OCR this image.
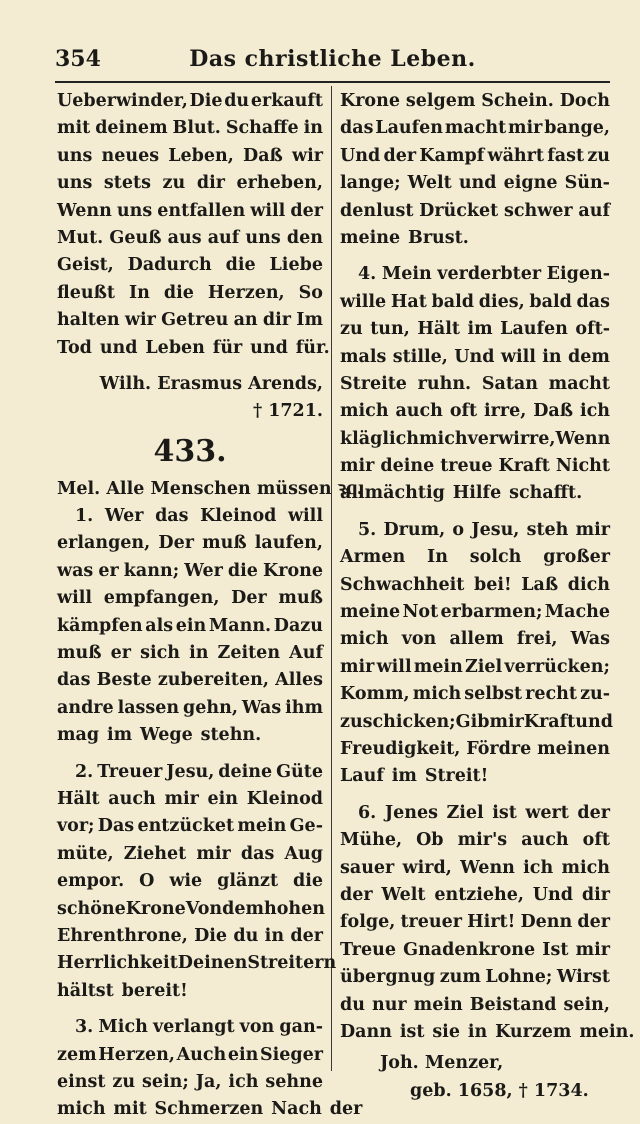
354	Das christliche Leben.
Ueberwinder, Die du erkauft
mit deinem Blut. Schaffe in
uns neues Leben, Daß wir
uns stets zu dir erheben,
Wenn uns entfallen will der
Mut. Geuß aus auf uns den
Geist, Dadurch die Liebe
fleußt In die Herzen, So
halten wir Getreu an dir Im
Tod und Leben für und für.
Wilh. Erasmus Arends,
† 1721.
433.
Mel. Alle Menschen müssen ꝛc.
1. Wer das Kleinod will
erlangen, Der muß laufen,
was er kann; Wer die Krone
will empfangen, Der muß
kämpfen als ein Mann. Dazu
muß er sich in Zeiten Auf
das Beste zubereiten, Alles
andre lassen gehn, Was ihm
mag im Wege stehn.
2. Treuer Jesu, deine Güte
Hält auch mir ein Kleinod
vor; Das entzücket mein Ge-
müte, Ziehet mir das Aug
empor. O wie glänzt die
schöne Krone Von dem hohen
Ehrenthrone, Die du in der
Herrlichkeit Deinen Streitern
hältst bereit!
3. Mich verlangt von gan-
zem Herzen, Auch ein Sieger
einst zu sein; Ja, ich sehne
mich mit Schmerzen Nach der
Krone selgem Schein. Doch
das Laufen macht mir bange,
Und der Kampf währt fast zu
lange; Welt und eigne Sün-
denlust Drücket schwer auf
meine Brust.
4. Mein verderbter Eigen-
wille Hat bald dies, bald das
zu tun, Hält im Laufen oft-
mals stille, Und will in dem
Streite ruhn. Satan macht
mich auch oft irre, Daß ich
kläglich mich verwirre, Wenn
mir deine treue Kraft Nicht
allmächtig Hilfe schafft.
5. Drum, o Jesu, steh mir
Armen In solch großer
Schwachheit bei! Laß dich
meine Not erbarmen; Mache
mich von allem frei, Was
mir will mein Ziel verrücken;
Komm, mich selbst recht zu-
zuschicken; Gib mir Kraft und
Freudigkeit, Fördre meinen
Lauf im Streit!
6. Jenes Ziel ist wert der
Mühe, Ob mir's auch oft
sauer wird, Wenn ich mich
der Welt entziehe, Und dir
folge, treuer Hirt! Denn der
Treue Gnadenkrone Ist mir
übergnug zum Lohne; Wirst
du nur mein Beistand sein,
Dann ist sie in Kurzem mein.
Joh. Menzer,
geb. 1658, † 1734.
